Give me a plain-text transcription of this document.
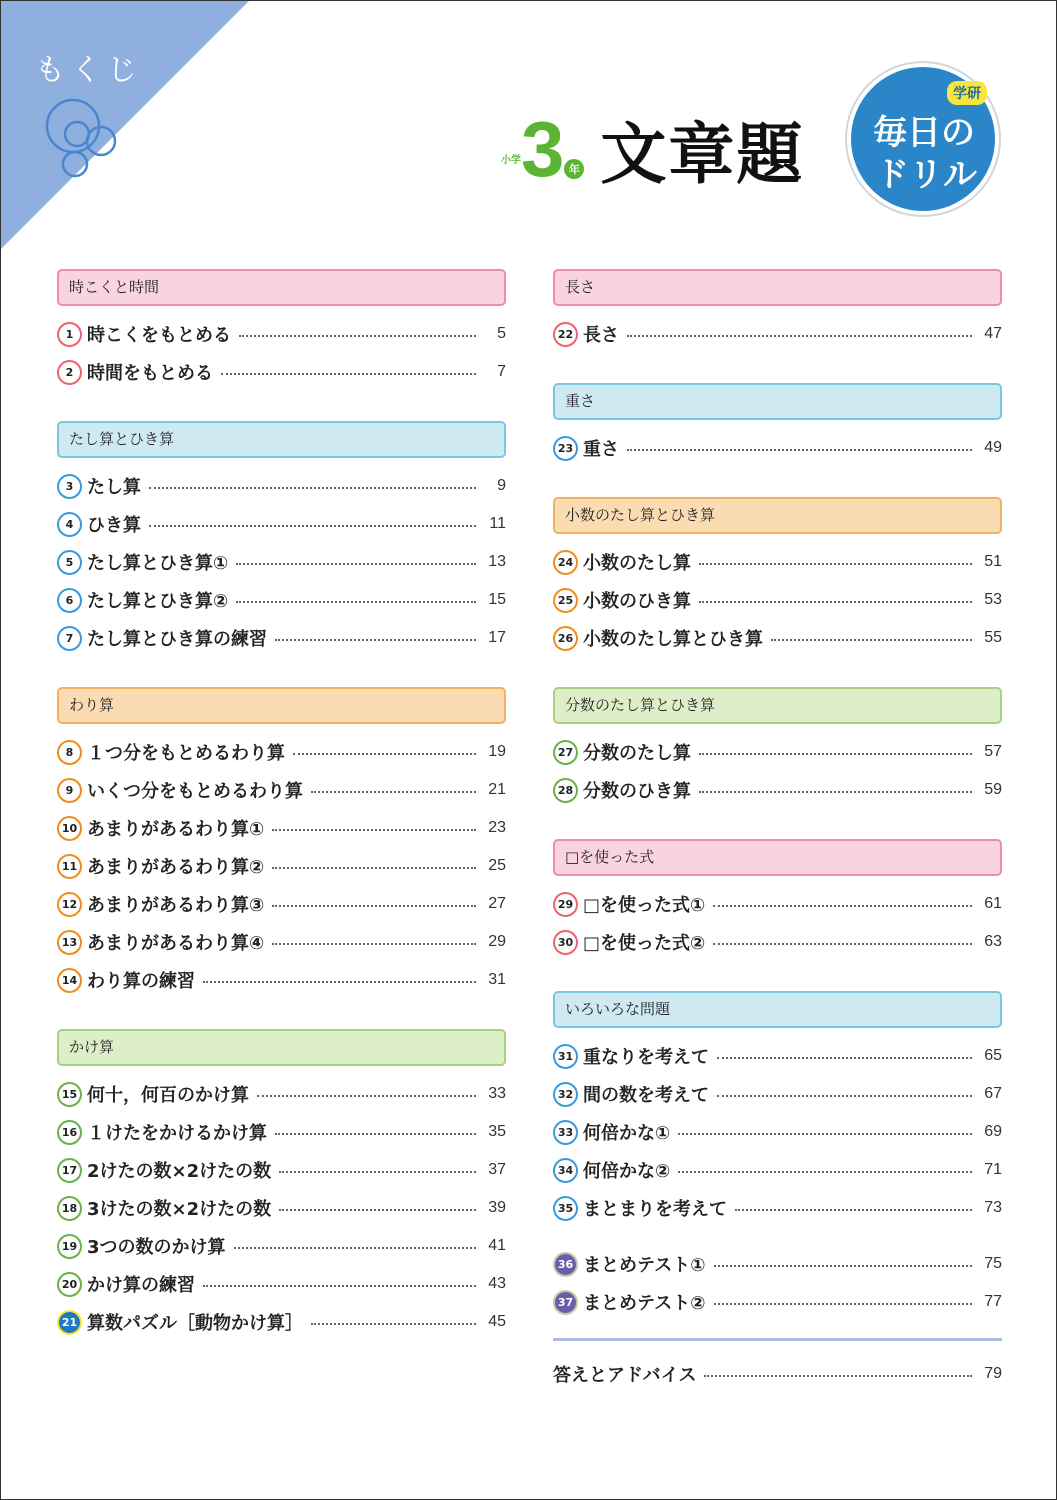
もくじ
小学 3 年 文章題
学研
毎日の
ドリル
時こくと時間
1 時こくをもとめる	5
2 時間をもとめる	7
たし算とひき算
3 たし算	9
4 ひき算	11
5 たし算とひき算①	13
6 たし算とひき算②	15
7 たし算とひき算の練習	17
わり算
8 １つ分をもとめるわり算	19
9 いくつ分をもとめるわり算	21
10 あまりがあるわり算①	23
11 あまりがあるわり算②	25
12 あまりがあるわり算③	27
13 あまりがあるわり算④	29
14 わり算の練習	31
かけ算
15 何十，何百のかけ算	33
16 １けたをかけるかけ算	35
17 2けたの数×2けたの数	37
18 3けたの数×2けたの数	39
19 3つの数のかけ算	41
20 かけ算の練習	43
21 算数パズル［動物かけ算］	45
長さ
22 長さ	47
重さ
23 重さ	49
小数のたし算とひき算
24 小数のたし算	51
25 小数のひき算	53
26 小数のたし算とひき算	55
分数のたし算とひき算
27 分数のたし算	57
28 分数のひき算	59
□を使った式
29 □を使った式①	61
30 □を使った式②	63
いろいろな問題
31 重なりを考えて	65
32 間の数を考えて	67
33 何倍かな①	69
34 何倍かな②	71
35 まとまりを考えて	73
36 まとめテスト①	75
37 まとめテスト②	77
答えとアドバイス	79
